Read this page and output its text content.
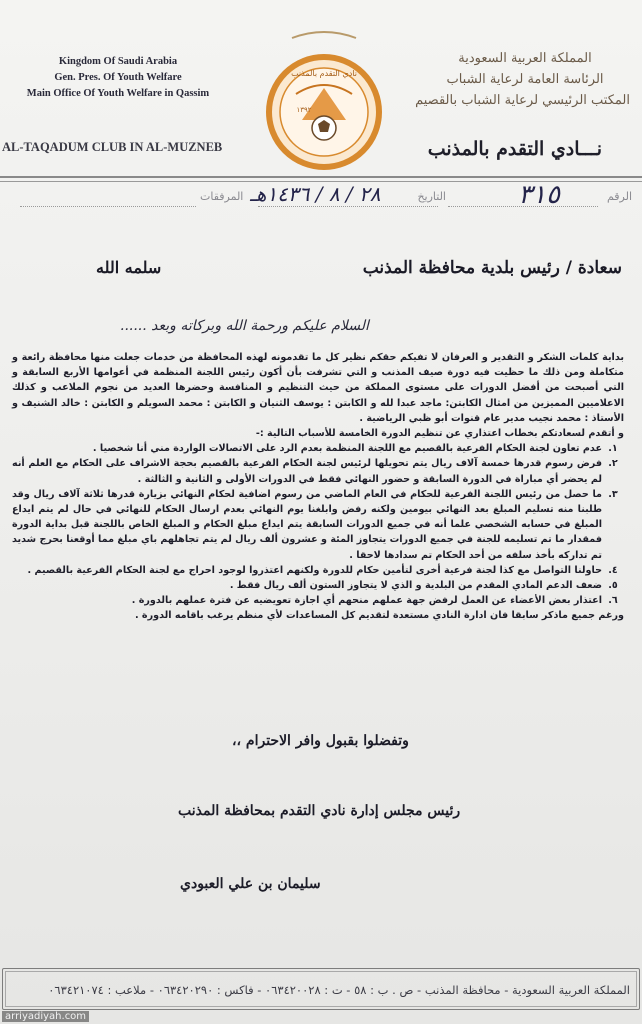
Kingdom Of Saudi Arabia
Gen. Pres. Of Youth Welfare
Main Office Of Youth Welfare in Qassim
AL-TAQADUM CLUB IN AL-MUZNEB
نادي التقدم بالمذنب
١٣٩٢
المملكة العربية السعودية
الرئاسة العامة لرعاية الشباب
المكتب الرئيسي لرعاية الشباب بالقصيم
نـــادي التقدم بالمذنب
الرقم
٣١٥
التاريخ
٢٨ / ٨ / ١٤٣٦هـ
المرفقات
سعادة / رئيس بلدية محافظة المذنب
سلمه الله
السلام عليكم ورحمة الله وبركاته وبعد ......

بداية كلمات الشكر و التقدير و العرفان لا تفيكم حقكم نظير كل ما تقدمونه لهذه المحافظة من خدمات جعلت منها محافظة رائعة و متكاملة ومن ذلك ما حظيت فيه دورة صيف المذنب و التي تشرفت بأن أكون رئيس اللجنة المنظمة في أعوامها الأربع السابقة و التي أصبحت من أفضل الدورات على مستوى المملكة من حيث التنظيم و المنافسة وحضرها العديد من نجوم الملاعب و كذلك الاعلاميين المميزين من امثال الكابتن: ماجد عبدا لله و الكابتن : يوسف الثنيان و الكابتن : محمد السويلم و الكابتن : خالد الشنيف و الأستاذ : محمد نجيب مدير عام قنوات أبو ظبي الرياضية .

و أتقدم لسعادتكم بخطاب اعتذاري عن تنظيم الدورة الخامسة للأسباب التالية :-

١.
عدم تعاون لجنة الحكام الفرعية بالقصيم مع اللجنة المنظمة بعدم الرد على الاتصالات الواردة مني أنا شخصيا .
٢.
فرض رسوم قدرها خمسة آلاف ريال يتم تحويلها لرئيس لجنة الحكام الفرعية بالقصيم بحجة الاشراف على الحكام مع العلم أنه لم يحضر أي مباراة في الدورة السابقة و حضور النهائي فقط في الدورات الأولى و الثانية و الثالثة .
٣.
ما حصل من رئيس اللجنة الفرعية للحكام في العام الماضي من رسوم اضافية لحكام النهائي بزيارة قدرها ثلاثة آلاف ريال وقد طلبنا منه تسليم المبلغ بعد النهائي بيومين ولكنه رفض وابلغنا يوم النهائي بعدم ارسال الحكام للنهائي في حال لم يتم ايداع المبلغ في حسابه الشخصي علما أنه في جميع الدورات السابقة يتم ايداع مبلغ الحكام و المبلغ الخاص باللجنة قبل بداية الدورة فمقدار ما تم تسليمه للجنة في جميع الدورات يتجاوز المئة و عشرون ألف ريال لم يتم تجاهلهم باي مبلغ مما أوقعنا بحرج شديد تم تداركه بأخذ سلفه من أحد الحكام تم سدادها لاحقا .
٤.
حاولنا التواصل مع كذا لجنة فرعية أخرى لتأمين حكام للدورة ولكنهم اعتذروا لوجود احراج مع لجنة الحكام الفرعية بالقصيم .
٥.
ضعف الدعم المادي المقدم من البلدية و الذي لا يتجاوز الستون ألف ريال فقط .
٦.
اعتذار بعض الأعضاء عن العمل لرفض جهة عملهم منحهم أي اجازة تعويضيه عن فترة عملهم بالدورة .

ورغم جميع ماذكر سابقا فان ادارة النادي مستعدة لتقديم كل المساعدات لأي منظم يرغب باقامه الدورة .

وتفضلوا بقبول وافر الاحترام ،،
رئيس مجلس إدارة نادي التقدم بمحافظة المذنب
سليمان بن علي العبودي
المملكة العربية السعودية - محافظة المذنب - ص . ب : ٥٨ - ت : ٠٦٣٤٢٠٠٢٨ - فاكس : ٠٦٣٤٢٠٢٩٠ - ملاعب : ٠٦٣٤٢١٠٧٤
arriyadiyah.com
